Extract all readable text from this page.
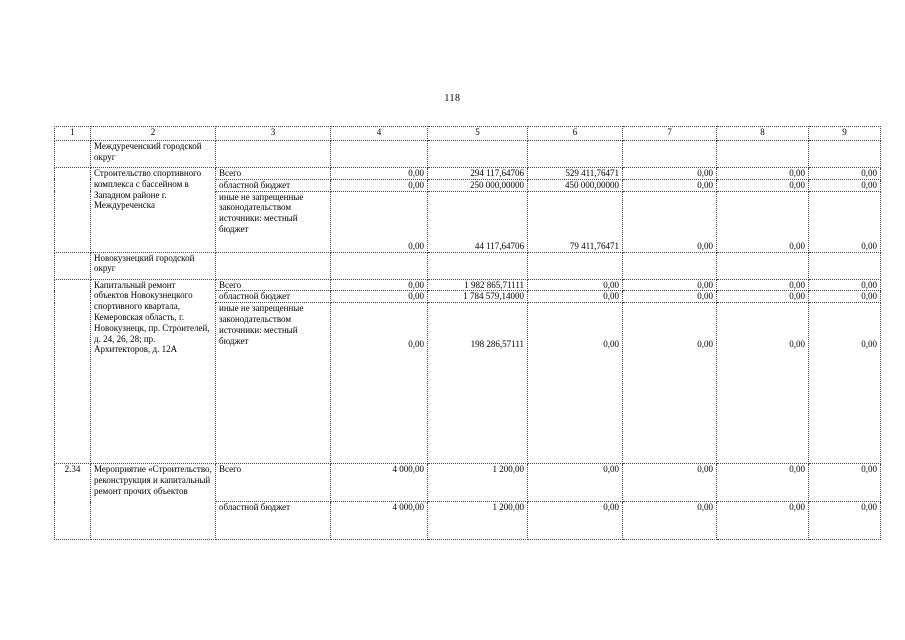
118
1	2	3	4	5	6	7	8	9
	Междуреченский городской округ							
	Строительство спортивного комплекса с бассейном в Западном районе г. Междуреченска	Всего	0,00	294 117,64706	529 411,76471	0,00	0,00	0,00
		областной бюджет	0,00	250 000,00000	450 000,00000	0,00	0,00	0,00
		иные не запрещенные законодательством источники: местный бюджет	0,00	44 117,64706	79 411,76471	0,00	0,00	0,00
	Новокузнецкий городской округ							
	Капитальный ремонт объектов Новокузнецкого спортивного квартала, Кемеровская область, г. Новокузнецк, пр. Строителей, д. 24, 26, 28; пр. Архитекторов, д. 12А	Всего	0,00	1 982 865,71111	0,00	0,00	0,00	0,00
		областной бюджет	0,00	1 784 579,14000	0,00	0,00	0,00	0,00
		иные не запрещенные законодательством источники: местный бюджет	0,00	198 286,57111	0,00	0,00	0,00	0,00
2.34	Мероприятие «Строительство, реконструкция и капитальный ремонт прочих объектов	Всего	4 000,00	1 200,00	0,00	0,00	0,00	0,00
		областной бюджет	4 000,00	1 200,00	0,00	0,00	0,00	0,00
